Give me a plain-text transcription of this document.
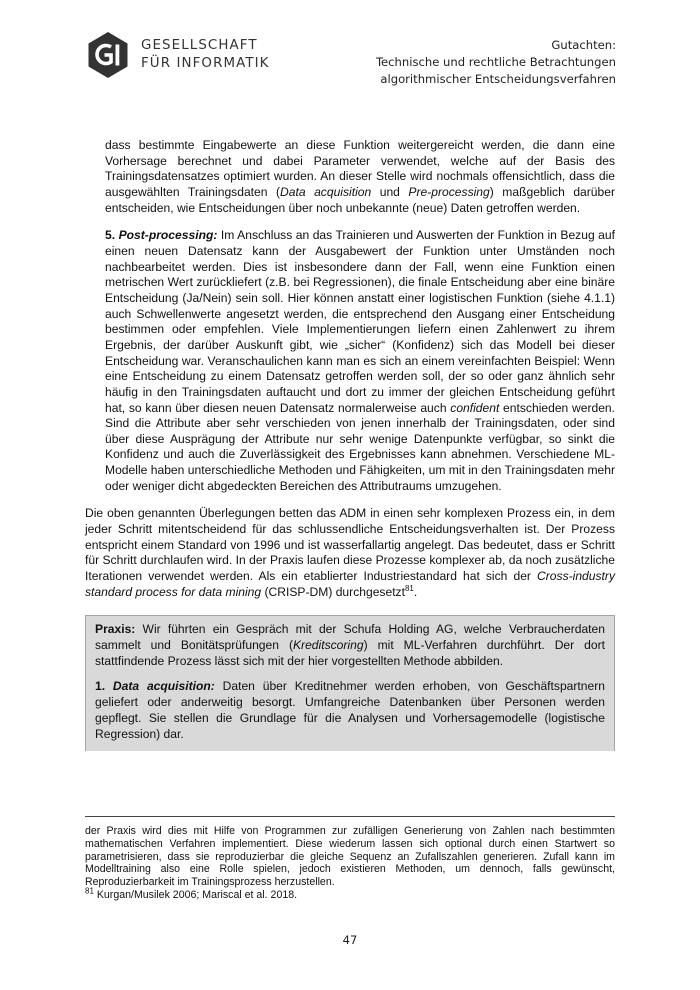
GESELLSCHAFT
FÜR INFORMATIK
Gutachten:
Technische und rechtliche Betrachtungen
algorithmischer Entscheidungsverfahren

dass bestimmte Eingabewerte an diese Funktion weitergereicht werden, die dann eine Vorhersage berechnet und dabei Parameter verwendet, welche auf der Basis des Trainingsdatensatzes optimiert wurden. An dieser Stelle wird nochmals offensichtlich, dass die ausgewählten Trainingsdaten (Data acquisition und Pre-processing) maßgeblich darüber entscheiden, wie Entscheidungen über noch unbekannte (neue) Daten getroffen werden.

5. Post-processing: Im Anschluss an das Trainieren und Auswerten der Funktion in Bezug auf einen neuen Datensatz kann der Ausgabewert der Funktion unter Umständen noch nachbearbeitet werden. Dies ist insbesondere dann der Fall, wenn eine Funktion einen metrischen Wert zurückliefert (z.B. bei Regressionen), die finale Entscheidung aber eine binäre Entscheidung (Ja/Nein) sein soll. Hier können anstatt einer logistischen Funktion (siehe 4.1.1) auch Schwellenwerte angesetzt werden, die entsprechend den Ausgang einer Entscheidung bestimmen oder empfehlen. Viele Implementierungen liefern einen Zahlenwert zu ihrem Ergebnis, der darüber Auskunft gibt, wie „sicher“ (Konfidenz) sich das Modell bei dieser Entscheidung war. Veranschaulichen kann man es sich an einem vereinfachten Beispiel: Wenn eine Entscheidung zu einem Datensatz getroffen werden soll, der so oder ganz ähnlich sehr häufig in den Trainingsdaten auftaucht und dort zu immer der gleichen Entscheidung geführt hat, so kann über diesen neuen Datensatz normalerweise auch confident entschieden werden. Sind die Attribute aber sehr verschieden von jenen innerhalb der Trainingsdaten, oder sind über diese Ausprägung der Attribute nur sehr wenige Datenpunkte verfügbar, so sinkt die Konfidenz und auch die Zuverlässigkeit des Ergebnisses kann abnehmen. Verschiedene ML-Modelle haben unterschiedliche Methoden und Fähigkeiten, um mit in den Trainingsdaten mehr oder weniger dicht abgedeckten Bereichen des Attributraums umzugehen.

Die oben genannten Überlegungen betten das ADM in einen sehr komplexen Prozess ein, in dem jeder Schritt mitentscheidend für das schlussendliche Entscheidungsverhalten ist. Der Prozess entspricht einem Standard von 1996 und ist wasserfallartig angelegt. Das bedeutet, dass er Schritt für Schritt durchlaufen wird. In der Praxis laufen diese Prozesse komplexer ab, da noch zusätzliche Iterationen verwendet werden. Als ein etablierter Industriestandard hat sich der Cross-industry standard process for data mining (CRISP-DM) durchgesetzt$^{81}$.

Praxis: Wir führten ein Gespräch mit der Schufa Holding AG, welche Verbraucherdaten sammelt und Bonitätsprüfungen (Kreditscoring) mit ML-Verfahren durchführt. Der dort stattfindende Prozess lässt sich mit der hier vorgestellten Methode abbilden.

1. Data acquisition: Daten über Kreditnehmer werden erhoben, von Geschäftspartnern geliefert oder anderweitig besorgt. Umfangreiche Datenbanken über Personen werden gepflegt. Sie stellen die Grundlage für die Analysen und Vorhersagemodelle (logistische Regression) dar.

der Praxis wird dies mit Hilfe von Programmen zur zufälligen Generierung von Zahlen nach bestimmten mathematischen Verfahren implementiert. Diese wiederum lassen sich optional durch einen Startwert so parametrisieren, dass sie reproduzierbar die gleiche Sequenz an Zufallszahlen generieren. Zufall kann im Modelltraining also eine Rolle spielen, jedoch existieren Methoden, um dennoch, falls gewünscht, Reproduzierbarkeit im Trainingsprozess herzustellen.

$^{81}$ Kurgan/Musilek 2006; Mariscal et al. 2018.

47
